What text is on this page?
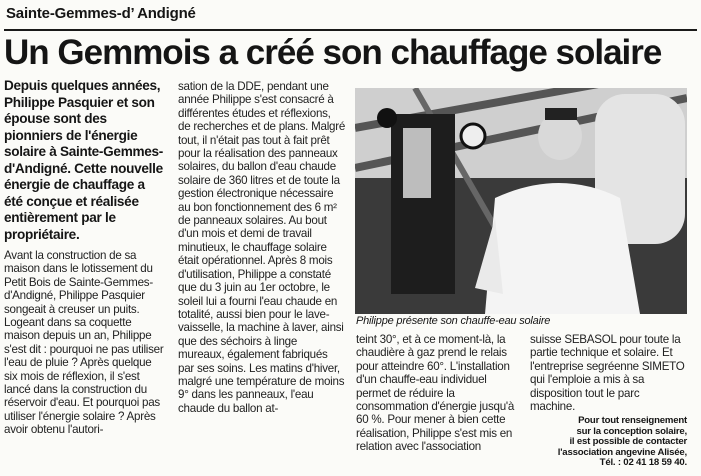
Sainte-Gemmes-d’ Andigné
Un Gemmois a créé son chauffage solaire
Depuis quelques années, Philippe Pasquier et son épouse sont des pionniers de l'énergie solaire à Sainte-Gemmes-d'Andigné. Cette nouvelle énergie de chauffage a été conçue et réalisée entièrement par le propriétaire.
Avant la construction de sa maison dans le lotissement du Petit Bois de Sainte-Gemmes-d'Andigné, Philippe Pasquier songeait à creuser un puits. Logeant dans sa coquette maison depuis un an, Philippe s'est dit : pourquoi ne pas utiliser l'eau de pluie ? Après quelque six mois de réflexion, il s'est lancé dans la construction du réservoir d'eau. Et pourquoi pas utiliser l'énergie solaire ? Après avoir obtenu l'autori-
sation de la DDE, pendant une année Philippe s'est consacré à différentes études et réflexions, de recherches et de plans. Malgré tout, il n'était pas tout à fait prêt pour la réalisation des panneaux solaires, du ballon d'eau chaude solaire de 360 litres et de toute la gestion électronique nécessaire au bon fonctionnement des 6 m² de panneaux solaires. Au bout d'un mois et demi de travail minutieux, le chauffage solaire était opérationnel. Après 8 mois d'utilisation, Philippe a constaté que du 3 juin au 1er octobre, le soleil lui a fourni l'eau chaude en totalité, aussi bien pour le lave-vaisselle, la machine à laver, ainsi que des séchoirs à linge mureaux, également fabriqués par ses soins. Les matins d'hiver, malgré une température de moins 9° dans les panneaux, l'eau chaude du ballon at-
Philippe présente son chauffe-eau solaire
teint 30°, et à ce moment-là, la chaudière à gaz prend le relais pour atteindre 60°. L'installation d'un chauffe-eau individuel permet de réduire la consommation d'énergie jusqu'à 60 %. Pour mener à bien cette réalisation, Philippe s'est mis en relation avec l'association
suisse SEBASOL pour toute la partie technique et solaire. Et l'entreprise segréenne SIMETO qui l'emploie a mis à sa disposition tout le parc machine.
Pour tout renseignement
sur la conception solaire,
il est possible de contacter
l'association angevine Alisée,
Tél. : 02 41 18 59 40.
